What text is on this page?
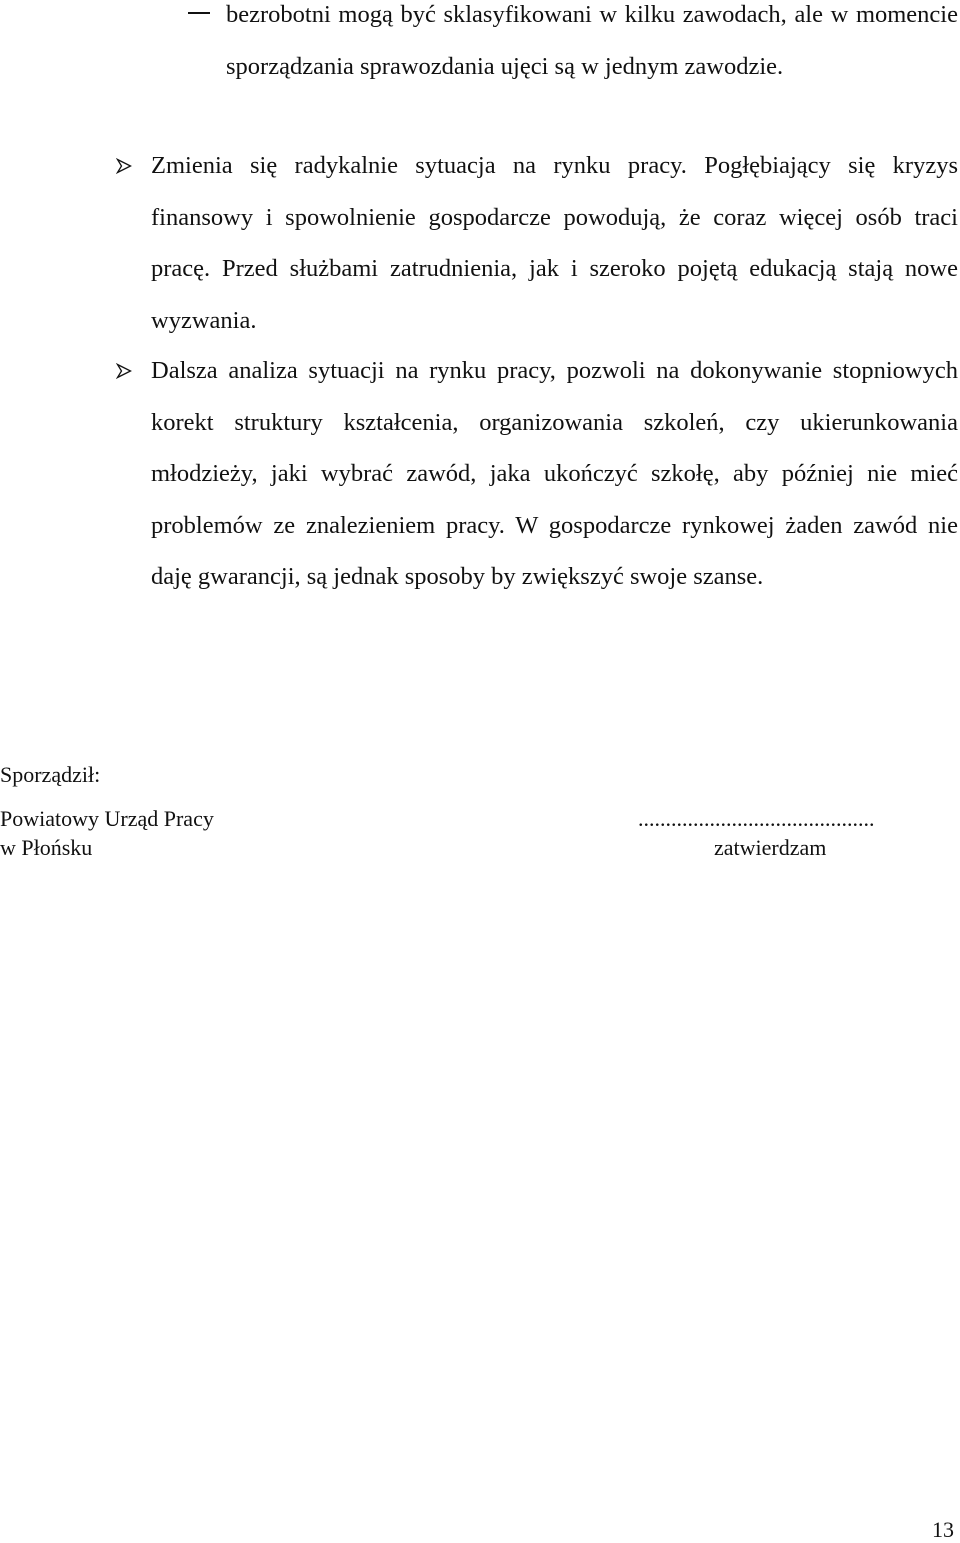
bezrobotni mogą być sklasyfikowani w kilku zawodach, ale w momencie sporządzania sprawozdania ujęci są w jednym zawodzie.

Zmienia się radykalnie sytuacja na rynku pracy. Pogłębiający się kryzys finansowy i spowolnienie gospodarcze powodują, że coraz więcej osób traci pracę. Przed służbami zatrudnienia, jak i szeroko pojętą edukacją stają nowe wyzwania.

Dalsza analiza sytuacji na rynku pracy, pozwoli na dokonywanie stopniowych korekt struktury kształcenia, organizowania szkoleń, czy ukierunkowania młodzieży, jaki wybrać zawód, jaka ukończyć szkołę, aby później nie mieć problemów ze znalezieniem pracy. W gospodarcze rynkowej żaden zawód nie daję gwarancji, są jednak sposoby by zwiększyć swoje szanse.

Sporządził:
Powiatowy Urząd Pracy
w Płońsku
...........................................
zatwierdzam
13
